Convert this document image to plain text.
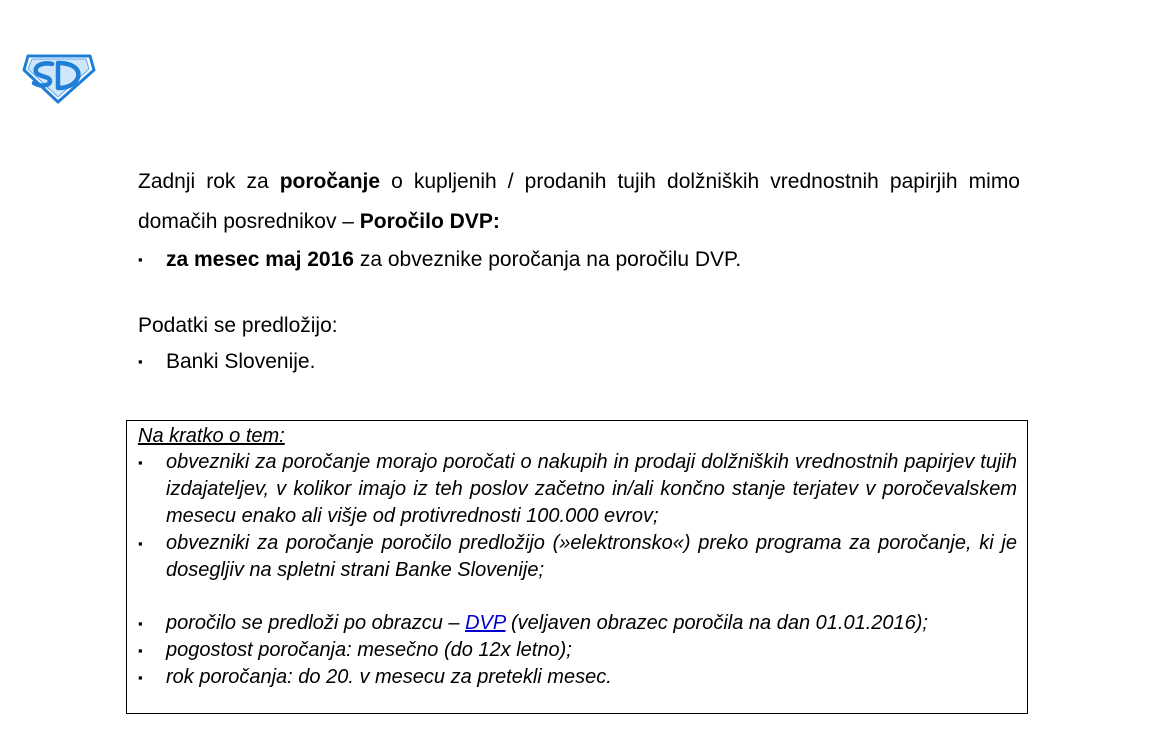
Zadnji rok za poročanje o kupljenih / prodanih tujih dolžniških vrednostnih papirjih mimo domačih posrednikov – Poročilo DVP:

▪ za mesec maj 2016 za obveznike poročanja na poročilu DVP.

Podatki se predložijo:

▪ Banki Slovenije.
Na kratko o tem:
▪ obvezniki za poročanje morajo poročati o nakupih in prodaji dolžniških vrednostnih papirjev tujih izdajateljev, v kolikor imajo iz teh poslov začetno in/ali končno stanje terjatev v poročevalskem mesecu enako ali višje od protivrednosti 100.000 evrov;
▪ obvezniki za poročanje poročilo predložijo (»elektronsko«) preko programa za poročanje, ki je dosegljiv na spletni strani Banke Slovenije;
▪ poročilo se predloži po obrazcu – DVP (veljaven obrazec poročila na dan 01.01.2016);
▪ pogostost poročanja: mesečno (do 12x letno);
▪ rok poročanja: do 20. v mesecu za pretekli mesec.
